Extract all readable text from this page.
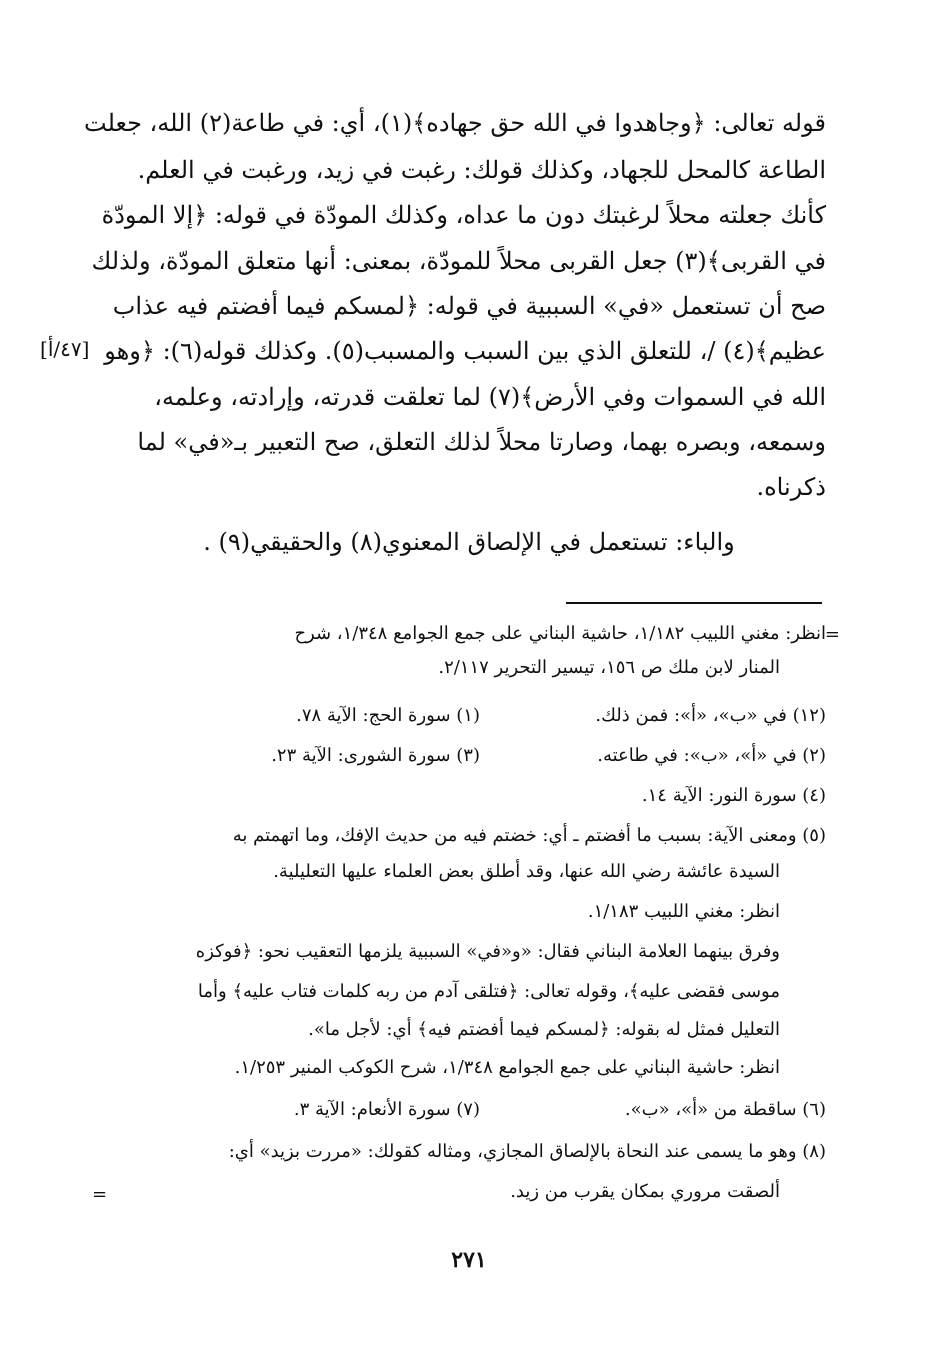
قوله تعالى: ﴿وجاهدوا في الله حق جهاده﴾(١)، أي: في طاعة(٢) الله، جعلت
الطاعة كالمحل للجهاد، وكذلك قولك: رغبت في زيد، ورغبت في العلم.
كأنك جعلته محلاً لرغبتك دون ما عداه، وكذلك المودّة في قوله: ﴿إلا المودّة
في القربى﴾(٣) جعل القربى محلاً للمودّة، بمعنى: أنها متعلق المودّة، ولذلك
صح أن تستعمل «في» السببية في قوله: ﴿لمسكم فيما أفضتم فيه عذاب
عظيم﴾(٤) /، للتعلق الذي بين السبب والمسبب(٥). وكذلك قوله(٦): ﴿وهو
الله في السموات وفي الأرض﴾(٧) لما تعلقت قدرته، وإرادته، وعلمه،
وسمعه، وبصره بهما، وصارتا محلاً لذلك التعلق، صح التعبير بـ«في» لما
ذكرناه.
[٤٧/أ]
والباء: تستعمل في الإلصاق المعنوي(٨) والحقيقي(٩) .
=
انظر: مغني اللبيب ١/١٨٢، حاشية البناني على جمع الجوامع ١/٣٤٨، شرح
المنار لابن ملك ص ١٥٦، تيسير التحرير ٢/١١٧.
(١٢) في «ب»، «أ»: فمن ذلك.
(١) سورة الحج: الآية ٧٨.
(٢) في «أ»، «ب»: في طاعته.
(٣) سورة الشورى: الآية ٢٣.
(٤) سورة النور: الآية ١٤.
(٥) ومعنى الآية: بسبب ما أفضتم ـ أي: خضتم فيه من حديث الإفك، وما اتهمتم به
السيدة عائشة رضي الله عنها، وقد أطلق بعض العلماء عليها التعليلية.
انظر: مغني اللبيب ١/١٨٣.
وفرق بينهما العلامة البناني فقال: «و«في» السببية يلزمها التعقيب نحو: ﴿فوكزه
موسى فقضى عليه﴾، وقوله تعالى: ﴿فتلقى آدم من ربه كلمات فتاب عليه﴾ وأما
التعليل فمثل له بقوله: ﴿لمسكم فيما أفضتم فيه﴾ أي: لأجل ما».
انظر: حاشية البناني على جمع الجوامع ١/٣٤٨، شرح الكوكب المنير ١/٢٥٣.
(٦) ساقطة من «أ»، «ب».
(٧) سورة الأنعام: الآية ٣.
(٨) وهو ما يسمى عند النحاة بالإلصاق المجازي، ومثاله كقولك: «مررت بزيد» أي:
ألصقت مروري بمكان يقرب من زيد.
=
٢٧١
